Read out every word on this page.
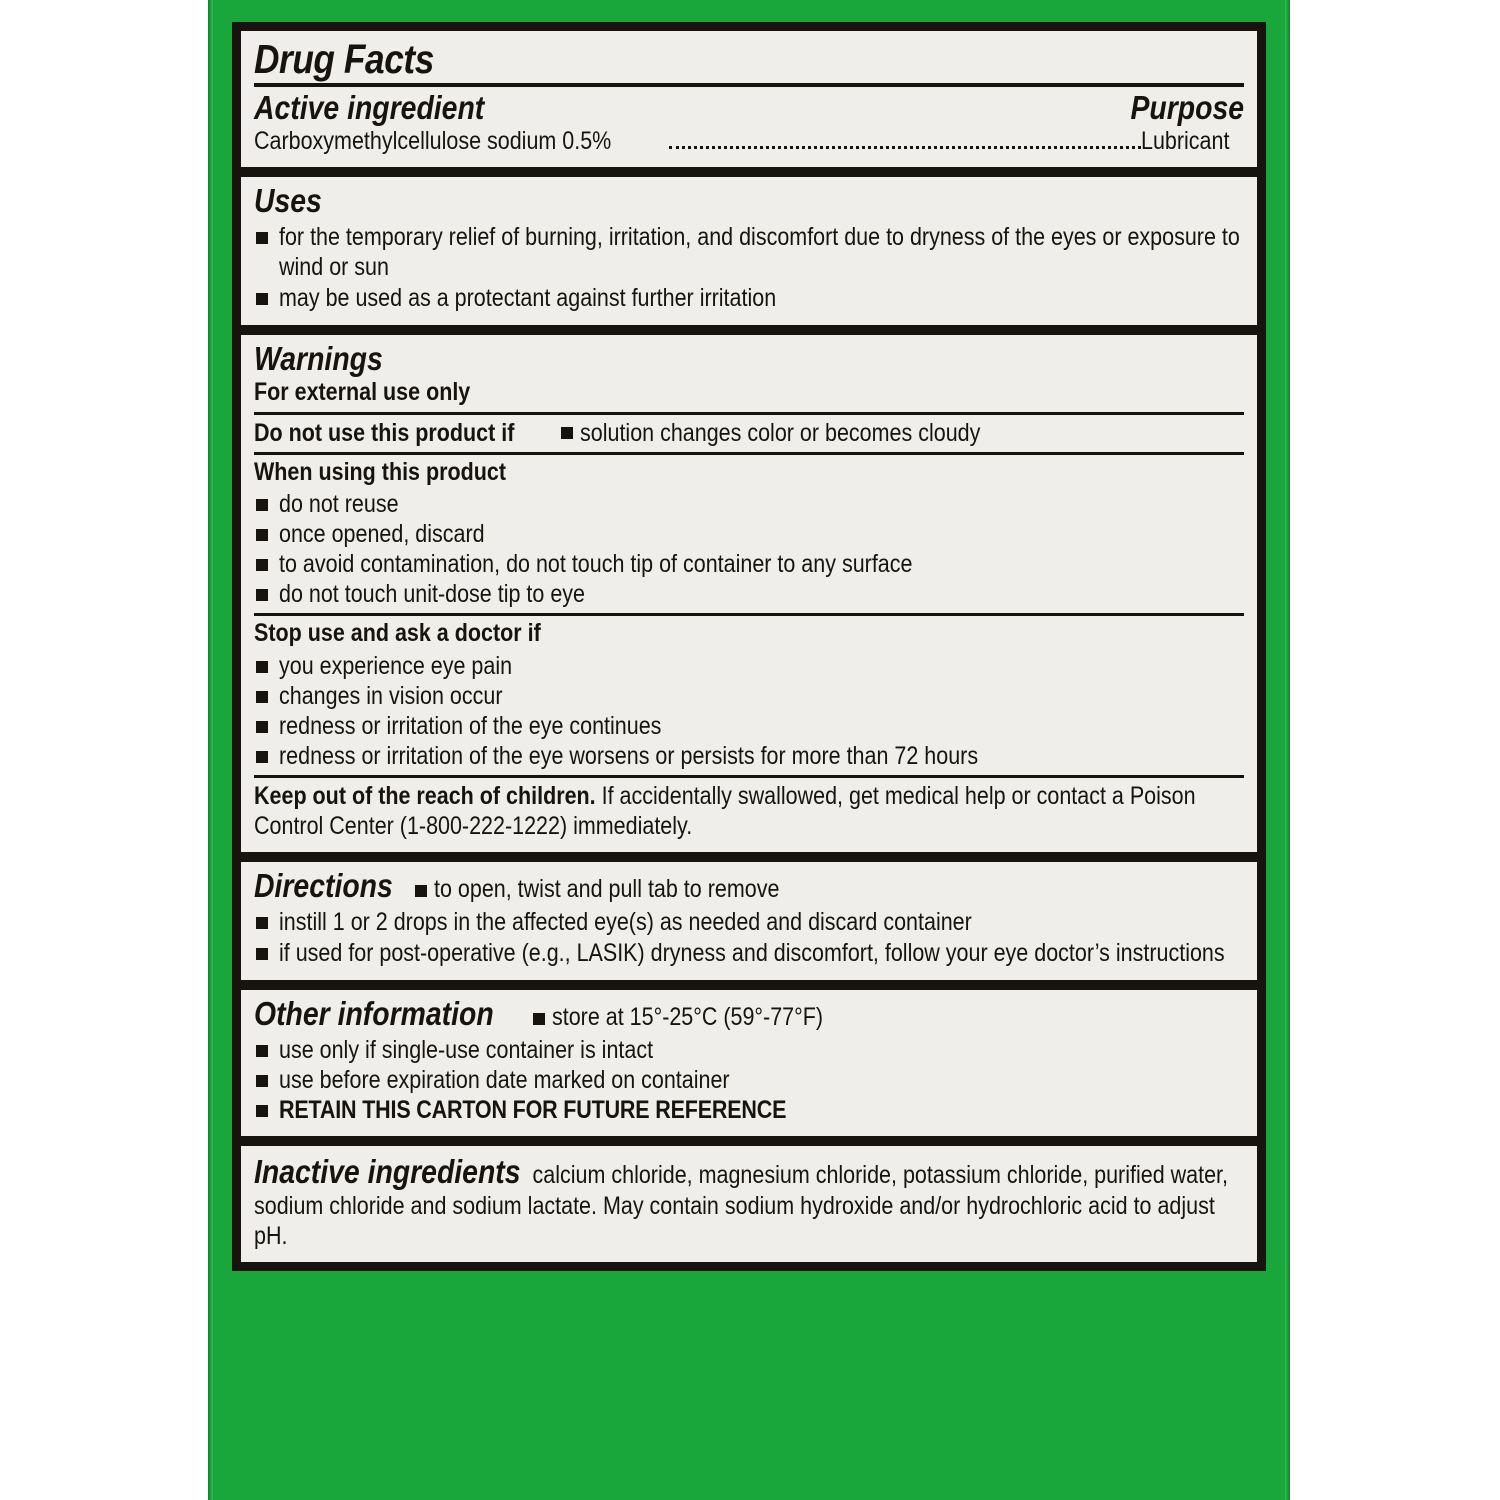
Drug Facts
Active ingredient	Purpose
Carboxymethylcellulose sodium 0.5%	Lubricant
Uses
for the temporary relief of burning, irritation, and discomfort due to dryness of the eyes or exposure to wind or sun
may be used as a protectant against further irritation
Warnings
For external use only
Do not use this product if	solution changes color or becomes cloudy
When using this product
do not reuse
once opened, discard
to avoid contamination, do not touch tip of container to any surface
do not touch unit-dose tip to eye
Stop use and ask a doctor if
you experience eye pain
changes in vision occur
redness or irritation of the eye continues
redness or irritation of the eye worsens or persists for more than 72 hours
Keep out of the reach of children. If accidentally swallowed, get medical help or contact a Poison Control Center (1-800-222-1222) immediately.
Directions to open, twist and pull tab to remove
instill 1 or 2 drops in the affected eye(s) as needed and discard container
if used for post-operative (e.g., LASIK) dryness and discomfort, follow your eye doctor’s instructions
Other information store at 15°-25°C (59°-77°F)
use only if single-use container is intact
use before expiration date marked on container
RETAIN THIS CARTON FOR FUTURE REFERENCE
Inactive ingredients calcium chloride, magnesium chloride, potassium chloride, purified water, sodium chloride and sodium lactate. May contain sodium hydroxide and/or hydrochloric acid to adjust pH.
